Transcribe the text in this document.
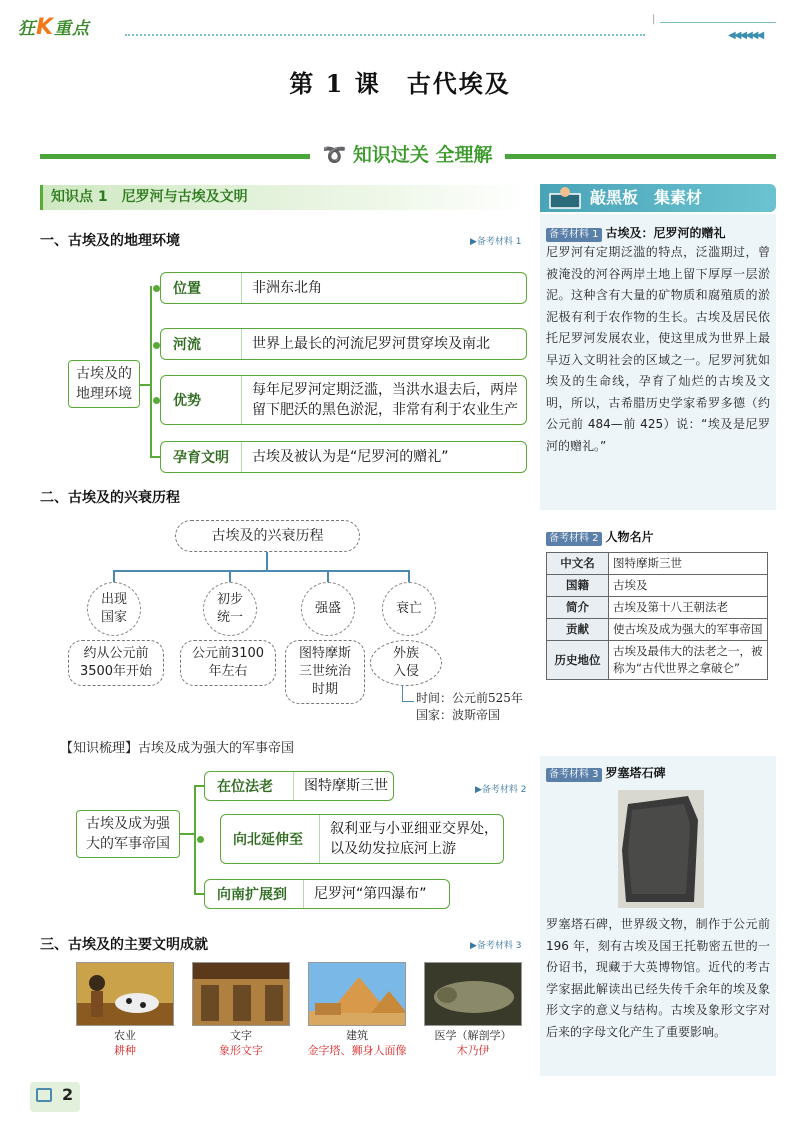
狂K重点	|
◀◀◀◀◀◀
第 1 课　古代埃及
➰ 知识过关 全理解
知识点 1　尼罗河与古埃及文明
一、古埃及的地理环境	▶备考材料 1
古埃及的
地理环境
位置	非洲东北角
河流	世界上最长的河流尼罗河贯穿埃及南北
优势
每年尼罗河定期泛滥，当洪水退去后，两岸留下肥沃的黑色淤泥，非常有利于农业生产
孕育文明 古埃及被认为是“尼罗河的赠礼”
二、古埃及的兴衰历程
古埃及的兴衰历程
出现
国家
初步
统一
强盛	衰亡
约从公元前
3500年开始
公元前3100
年左右
图特摩斯
三世统治
时期
外族
入侵
时间：公元前525年
国家：波斯帝国
【知识梳理】古埃及成为强大的军事帝国
▶备考材料 2
古埃及成为强
大的军事帝国
在位法老	图特摩斯三世
向北延伸至
叙利亚与小亚细亚交界处，
以及幼发拉底河上游
向南扩展到	尼罗河“第四瀑布”
三、古埃及的主要文明成就	▶备考材料 3
农业
耕种
文字
象形文字
建筑
金字塔、狮身人面像
医学（解剖学）
木乃伊
敲黑板　集素材
备考材料 1 古埃及：尼罗河的赠礼
尼罗河有定期泛滥的特点，泛滥期过，曾被淹没的河谷两岸土地上留下厚厚一层淤泥。这种含有大量的矿物质和腐殖质的淤泥极有利于农作物的生长。古埃及居民依托尼罗河发展农业，使这里成为世界上最早迈入文明社会的区域之一。尼罗河犹如埃及的生命线，孕育了灿烂的古埃及文明，所以，古希腊历史学家希罗多德（约公元前 484—前 425）说：“埃及是尼罗河的赠礼。”
备考材料 2 人物名片
中文名	图特摩斯三世
国籍	古埃及
简介	古埃及第十八王朝法老
贡献	使古埃及成为强大的军事帝国
历史地位	古埃及最伟大的法老之一，被称为“古代世界之拿破仑”
备考材料 3 罗塞塔石碑
罗塞塔石碑，世界级文物，制作于公元前 196 年，刻有古埃及国王托勒密五世的一份诏书，现藏于大英博物馆。近代的考古学家据此解读出已经失传千余年的埃及象形文字的意义与结构。古埃及象形文字对后来的字母文化产生了重要影响。
2
